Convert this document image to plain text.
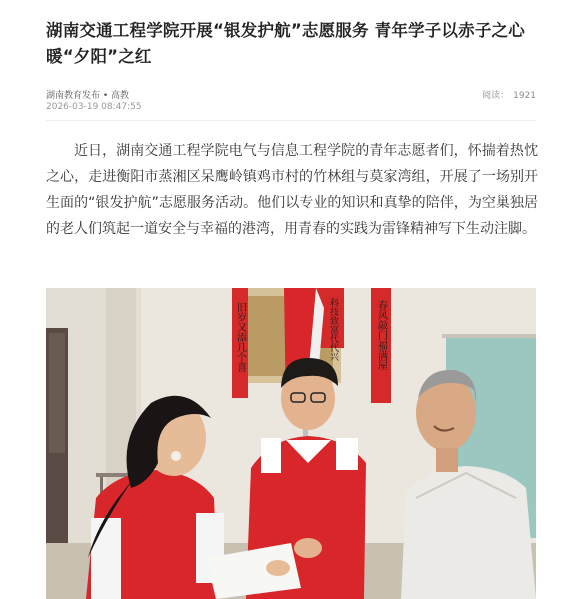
湖南交通工程学院开展“银发护航”志愿服务 青年学子以赤子之心暖“夕阳”之红
湖南教育发布 • 高教
2026-03-19 08:47:55
阅读： 1921

近日，湖南交通工程学院电气与信息工程学院的青年志愿者们，怀揣着热忱之心，走进衡阳市蒸湘区呆鹰岭镇鸡市村的竹林组与莫家湾组，开展了一场别开生面的“银发护航”志愿服务活动。他们以专业的知识和真挚的陪伴，为空巢独居的老人们筑起一道安全与幸福的港湾，用青春的实践为雷锋精神写下生动注脚。

旧岁又添几个喜	科技致富代代兴	春风敲门福满屋
